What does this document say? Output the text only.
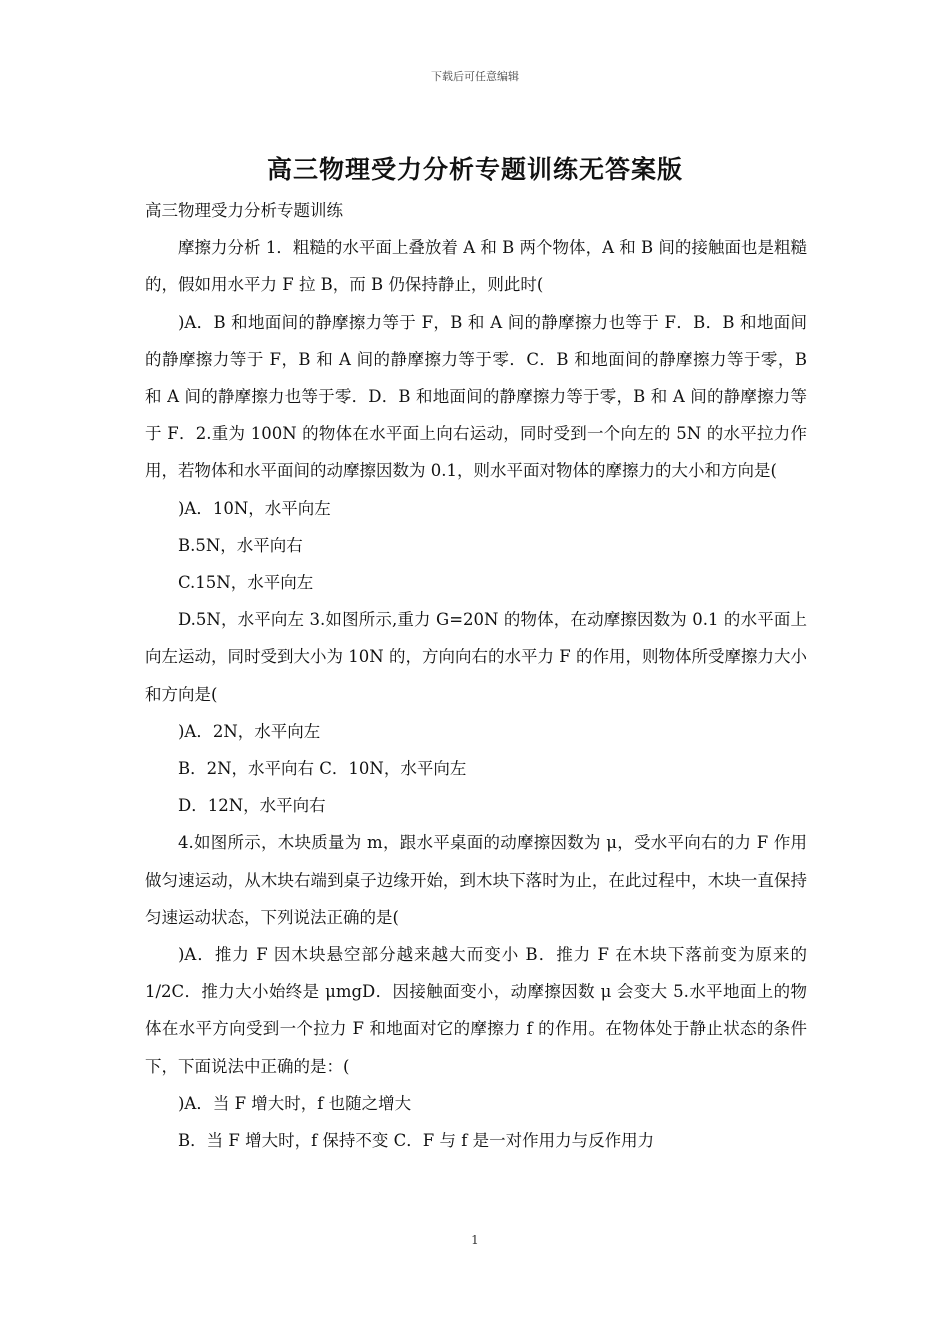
下载后可任意编辑
高三物理受力分析专题训练无答案版

高三物理受力分析专题训练

摩擦力分析 1．粗糙的水平面上叠放着 A 和 B 两个物体，A 和 B 间的接触面也是粗糙的，假如用水平力 F 拉 B，而 B 仍保持静止，则此时(

)A．B 和地面间的静摩擦力等于 F，B 和 A 间的静摩擦力也等于 F．B．B 和地面间的静摩擦力等于 F，B 和 A 间的静摩擦力等于零．C．B 和地面间的静摩擦力等于零，B 和 A 间的静摩擦力也等于零．D．B 和地面间的静摩擦力等于零，B 和 A 间的静摩擦力等于 F．2.重为 100N 的物体在水平面上向右运动，同时受到一个向左的 5N 的水平拉力作用，若物体和水平面间的动摩擦因数为 0.1，则水平面对物体的摩擦力的大小和方向是(

)A．10N，水平向左

B.5N，水平向右

C.15N，水平向左

D.5N，水平向左 3.如图所示,重力 G=20N 的物体，在动摩擦因数为 0.1 的水平面上向左运动，同时受到大小为 10N 的，方向向右的水平力 F 的作用，则物体所受摩擦力大小和方向是(

)A．2N，水平向左

B．2N，水平向右 C．10N，水平向左

D．12N，水平向右

4.如图所示，木块质量为 m，跟水平桌面的动摩擦因数为 μ，受水平向右的力 F 作用做匀速运动，从木块右端到桌子边缘开始，到木块下落时为止，在此过程中，木块一直保持匀速运动状态，下列说法正确的是(

)A．推力 F 因木块悬空部分越来越大而变小 B．推力 F 在木块下落前变为原来的 1/2C．推力大小始终是 μmgD．因接触面变小，动摩擦因数 μ 会变大 5.水平地面上的物体在水平方向受到一个拉力 F 和地面对它的摩擦力 f 的作用。在物体处于静止状态的条件下，下面说法中正确的是：(

)A．当 F 增大时，f 也随之增大

B．当 F 增大时，f 保持不变 C．F 与 f 是一对作用力与反作用力

1
